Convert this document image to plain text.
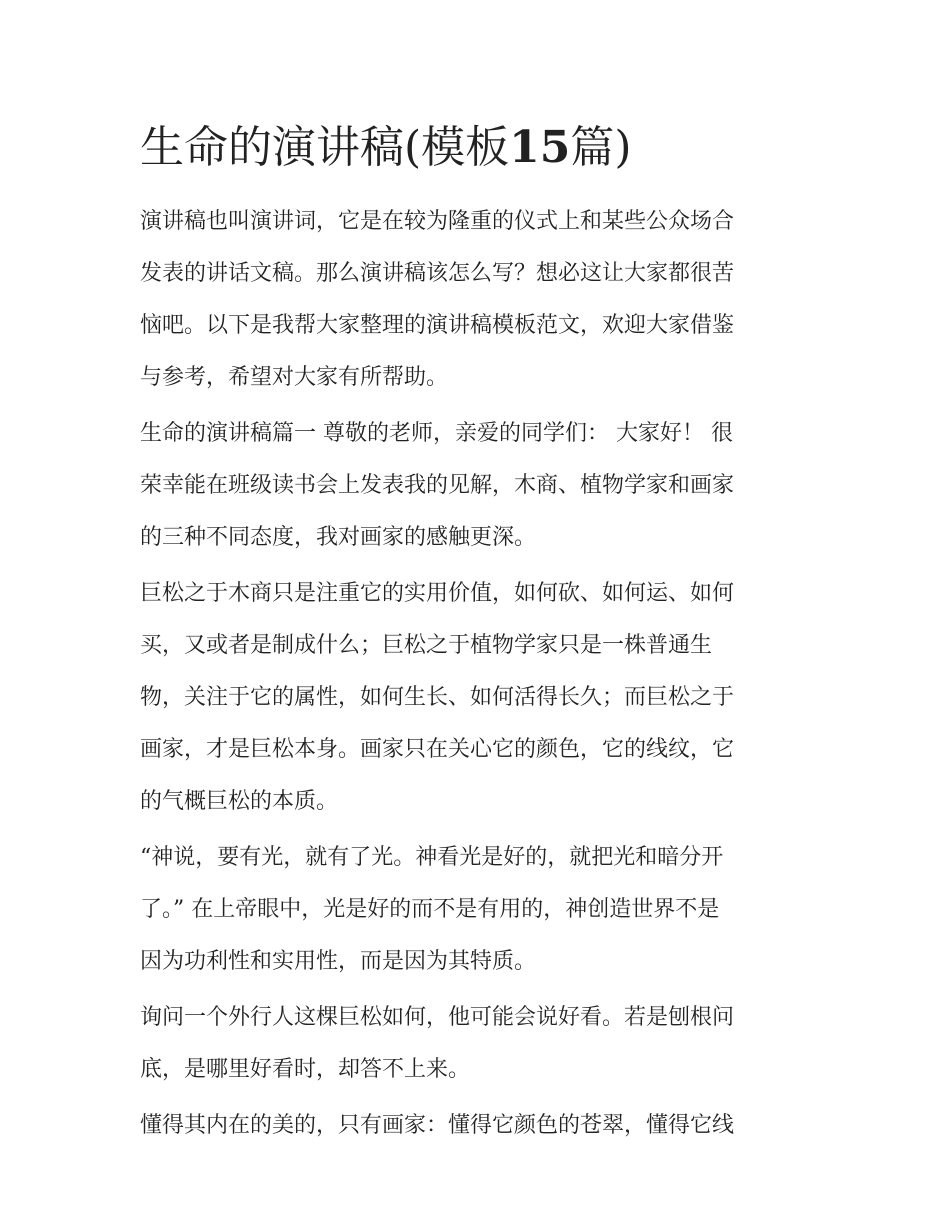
生命的演讲稿(模板15篇)

演讲稿也叫演讲词，它是在较为隆重的仪式上和某些公众场合
发表的讲话文稿。那么演讲稿该怎么写？想必这让大家都很苦
恼吧。以下是我帮大家整理的演讲稿模板范文，欢迎大家借鉴
与参考，希望对大家有所帮助。

生命的演讲稿篇一 尊敬的老师，亲爱的同学们： 大家好！ 很
荣幸能在班级读书会上发表我的见解，木商、植物学家和画家
的三种不同态度，我对画家的感触更深。

巨松之于木商只是注重它的实用价值，如何砍、如何运、如何
买，又或者是制成什么；巨松之于植物学家只是一株普通生
物，关注于它的属性，如何生长、如何活得长久；而巨松之于
画家，才是巨松本身。画家只在关心它的颜色，它的线纹，它
的气概巨松的本质。

“神说，要有光，就有了光。神看光是好的，就把光和暗分开
了。” 在上帝眼中，光是好的而不是有用的，神创造世界不是
因为功利性和实用性，而是因为其特质。

询问一个外行人这棵巨松如何，他可能会说好看。若是刨根问
底，是哪里好看时，却答不上来。

懂得其内在的美的，只有画家：懂得它颜色的苍翠，懂得它线
